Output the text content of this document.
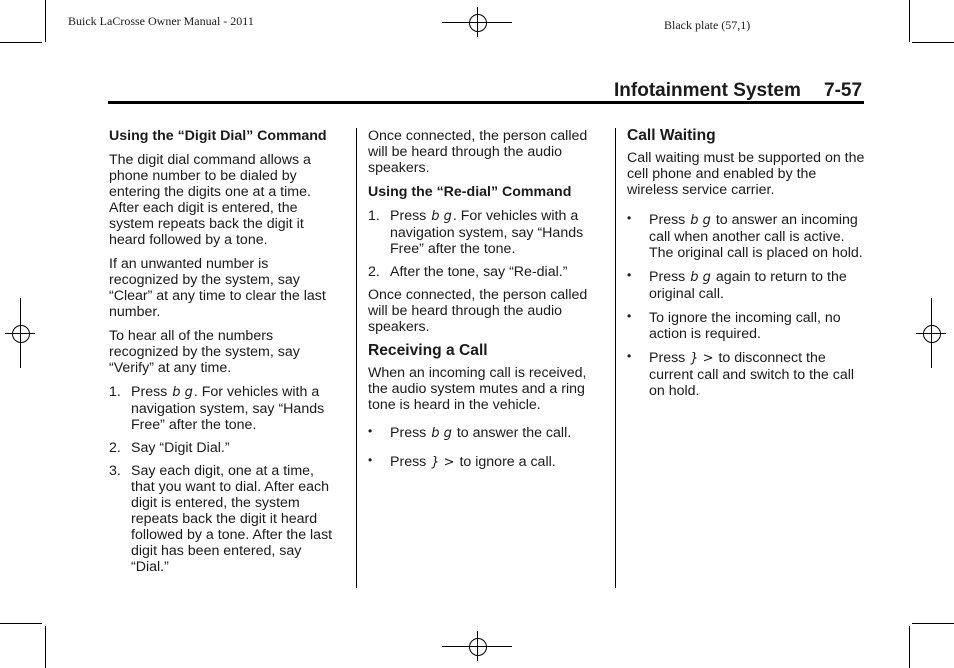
Buick LaCrosse Owner Manual - 2011	Black plate (57,1)
Infotainment System 7-57
Using the “Digit Dial” Command

The digit dial command allows a phone number to be dialed by entering the digits one at a time. After each digit is entered, the system repeats back the digit it heard followed by a tone.

If an unwanted number is recognized by the system, say “Clear” at any time to clear the last number.

To hear all of the numbers recognized by the system, say “Verify” at any time.

1. Press b g. For vehicles with a navigation system, say “Hands Free” after the tone.
2. Say “Digit Dial.”
3. Say each digit, one at a time, that you want to dial. After each digit is entered, the system repeats back the digit it heard followed by a tone. After the last digit has been entered, say “Dial.”

Once connected, the person called will be heard through the audio speakers.

Using the “Re-dial” Command
1. Press b g. For vehicles with a navigation system, say “Hands Free” after the tone.
2. After the tone, say “Re-dial.”

Once connected, the person called will be heard through the audio speakers.

Receiving a Call

When an incoming call is received, the audio system mutes and a ring tone is heard in the vehicle.

• Press b g to answer the call.
• Press } > to ignore a call.
Call Waiting

Call waiting must be supported on the cell phone and enabled by the wireless service carrier.

• Press b g to answer an incoming call when another call is active. The original call is placed on hold.
• Press b g again to return to the original call.
• To ignore the incoming call, no action is required.
• Press } > to disconnect the current call and switch to the call on hold.
